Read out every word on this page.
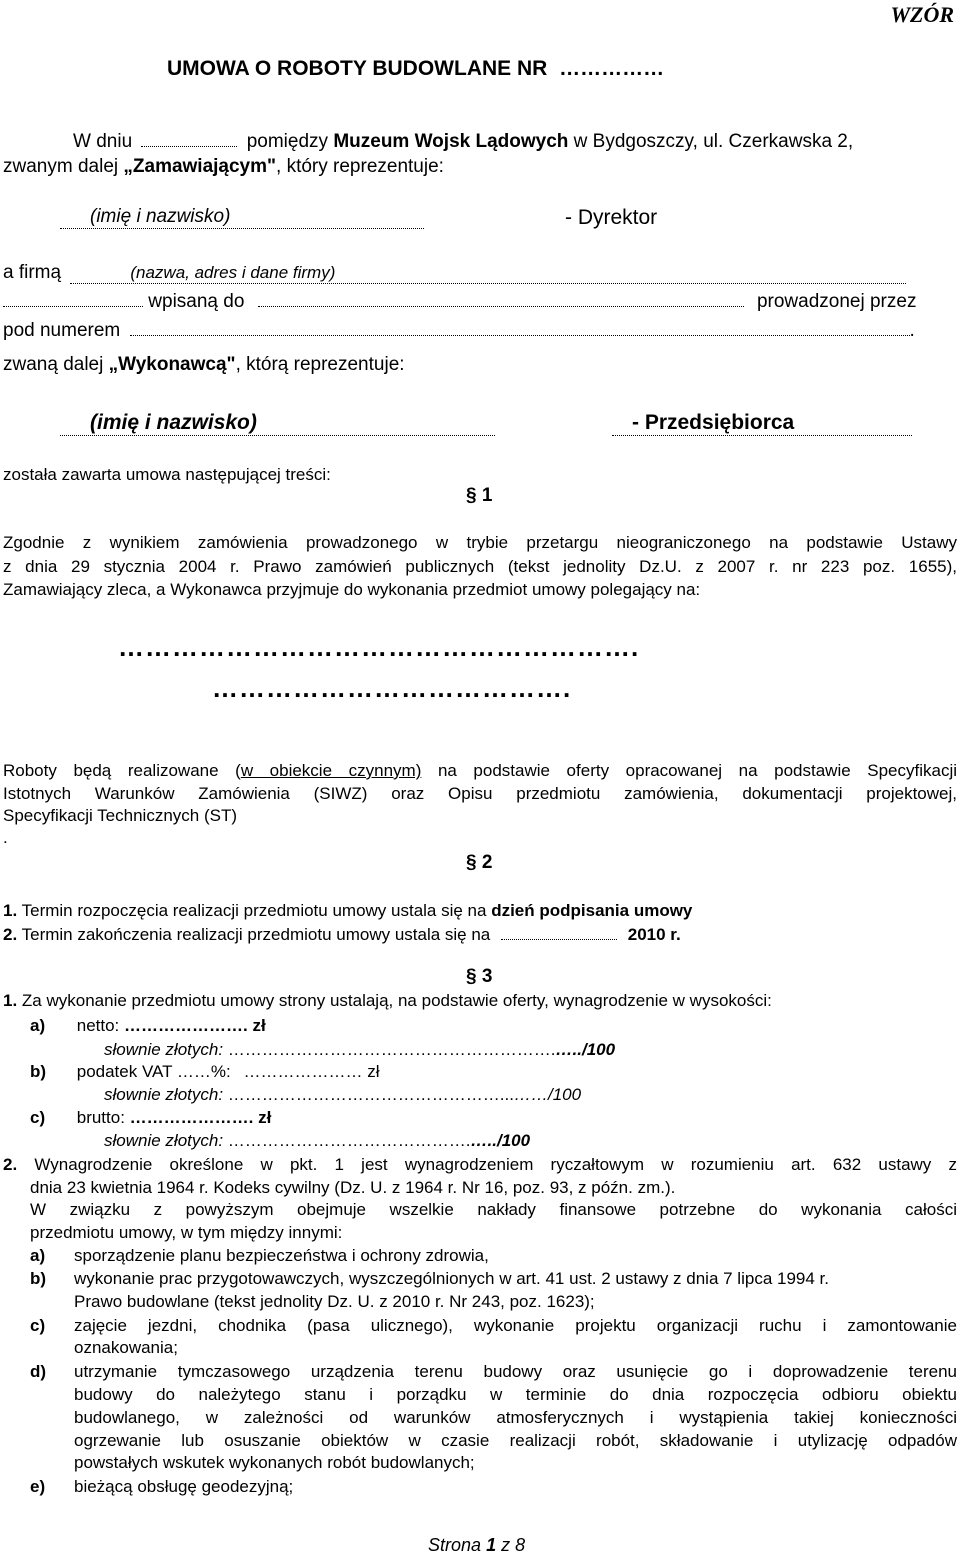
WZÓR
UMOWA O ROBOTY BUDOWLANE NR ……………
W dniu	pomiędzy Muzeum Wojsk Lądowych w Bydgoszczy, ul. Czerkawska 2,
zwanym dalej „Zamawiającym", który reprezentuje:
(imię i nazwisko)	- Dyrektor
a firmą	(nazwa, adres i dane firmy)
wpisaną do	prowadzonej przez
pod numerem	.
zwaną dalej „Wykonawcą", którą reprezentuje:
(imię i nazwisko)	- Przedsiębiorca
została zawarta umowa następującej treści:
§ 1
Zgodnie z wynikiem zamówienia prowadzonego w trybie przetargu nieograniczonego na podstawie Ustawy
z dnia 29 stycznia 2004 r. Prawo zamówień publicznych (tekst jednolity Dz.U. z 2007 r. nr 223 poz. 1655),
Zamawiający zleca, a Wykonawca przyjmuje do wykonania przedmiot umowy polegający na:
………………………………………………….
………………………………….
Roboty będą realizowane (w obiekcie czynnym) na podstawie oferty opracowanej na podstawie Specyfikacji
Istotnych Warunków Zamówienia (SIWZ) oraz Opisu przedmiotu zamówienia, dokumentacji projektowej,
Specyfikacji Technicznych (ST)
.
§ 2
1. Termin rozpoczęcia realizacji przedmiotu umowy ustala się na dzień podpisania umowy
2. Termin zakończenia realizacji przedmiotu umowy ustala się na	2010 r.
§ 3
1. Za wykonanie przedmiotu umowy strony ustalają, na podstawie oferty, wynagrodzenie w wysokości:
a) netto: …………………. zł
słownie złotych: ………………………………………………….…../100
b) podatek VAT ……%: ………………… zł
słownie złotych: …………………………………………...……/100
c) brutto: …………………. zł
słownie złotych: …………………………………….…../100
2. Wynagrodzenie określone w pkt. 1 jest wynagrodzeniem ryczałtowym w rozumieniu art. 632 ustawy z
dnia 23 kwietnia 1964 r. Kodeks cywilny (Dz. U. z 1964 r. Nr 16, poz. 93, z późn. zm.).
W związku z powyższym obejmuje wszelkie nakłady finansowe potrzebne do wykonania całości
przedmiotu umowy, w tym między innymi:
a) sporządzenie planu bezpieczeństwa i ochrony zdrowia,
b) wykonanie prac przygotowawczych, wyszczególnionych w art. 41 ust. 2 ustawy z dnia 7 lipca 1994 r.
Prawo budowlane (tekst jednolity Dz. U. z 2010 r. Nr 243, poz. 1623);
c) zajęcie jezdni, chodnika (pasa ulicznego), wykonanie projektu organizacji ruchu i zamontowanie
oznakowania;
d) utrzymanie tymczasowego urządzenia terenu budowy oraz usunięcie go i doprowadzenie terenu
budowy do należytego stanu i porządku w terminie do dnia rozpoczęcia odbioru obiektu
budowlanego, w zależności od warunków atmosferycznych i wystąpienia takiej konieczności
ogrzewanie lub osuszanie obiektów w czasie realizacji robót, składowanie i utylizację odpadów
powstałych wskutek wykonanych robót budowlanych;
e) bieżącą obsługę geodezyjną;
Strona 1 z 8
